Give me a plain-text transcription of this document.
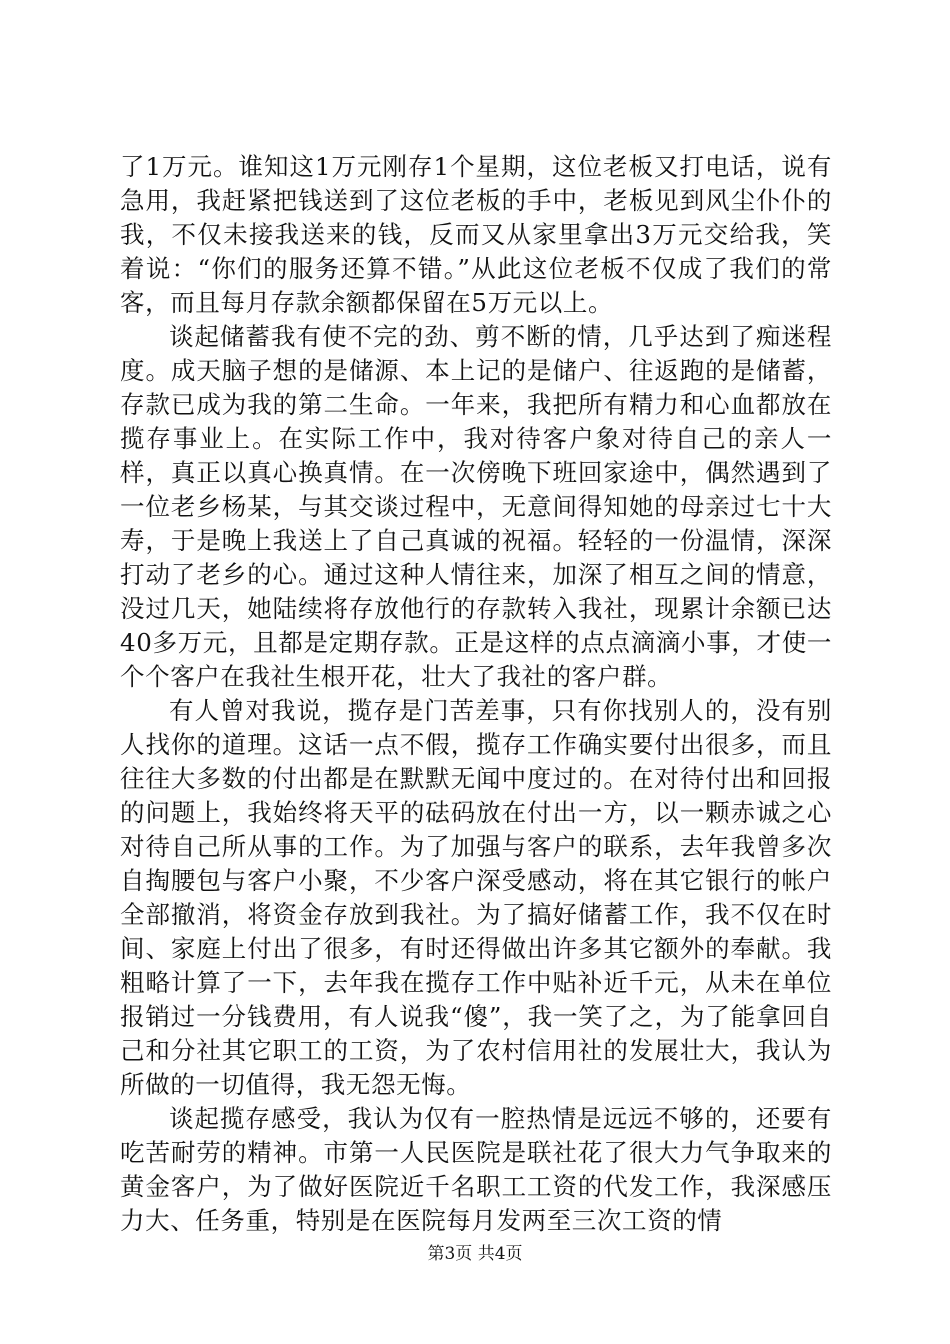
了1万元。谁知这1万元刚存1个星期，这位老板又打电话，说有急用，我赶紧把钱送到了这位老板的手中，老板见到风尘仆仆的我，不仅未接我送来的钱，反而又从家里拿出3万元交给我，笑着说：“你们的服务还算不错。”从此这位老板不仅成了我们的常客，而且每月存款余额都保留在5万元以上。

谈起储蓄我有使不完的劲、剪不断的情，几乎达到了痴迷程度。成天脑子想的是储源、本上记的是储户、往返跑的是储蓄，存款已成为我的第二生命。一年来，我把所有精力和心血都放在揽存事业上。在实际工作中，我对待客户象对待自己的亲人一样，真正以真心换真情。在一次傍晚下班回家途中，偶然遇到了一位老乡杨某，与其交谈过程中，无意间得知她的母亲过七十大寿，于是晚上我送上了自己真诚的祝福。轻轻的一份温情，深深打动了老乡的心。通过这种人情往来，加深了相互之间的情意，没过几天，她陆续将存放他行的存款转入我社，现累计余额已达40多万元，且都是定期存款。正是这样的点点滴滴小事，才使一个个客户在我社生根开花，壮大了我社的客户群。

有人曾对我说，揽存是门苦差事，只有你找别人的，没有别人找你的道理。这话一点不假，揽存工作确实要付出很多，而且往往大多数的付出都是在默默无闻中度过的。在对待付出和回报的问题上，我始终将天平的砝码放在付出一方，以一颗赤诚之心对待自己所从事的工作。为了加强与客户的联系，去年我曾多次自掏腰包与客户小聚，不少客户深受感动，将在其它银行的帐户全部撤消，将资金存放到我社。为了搞好储蓄工作，我不仅在时间、家庭上付出了很多，有时还得做出许多其它额外的奉献。我粗略计算了一下，去年我在揽存工作中贴补近千元，从未在单位报销过一分钱费用，有人说我“傻”，我一笑了之，为了能拿回自己和分社其它职工的工资，为了农村信用社的发展壮大，我认为所做的一切值得，我无怨无悔。

谈起揽存感受，我认为仅有一腔热情是远远不够的，还要有吃苦耐劳的精神。市第一人民医院是联社花了很大力气争取来的黄金客户，为了做好医院近千名职工工资的代发工作，我深感压力大、任务重，特别是在医院每月发两至三次工资的情

第3页 共4页
